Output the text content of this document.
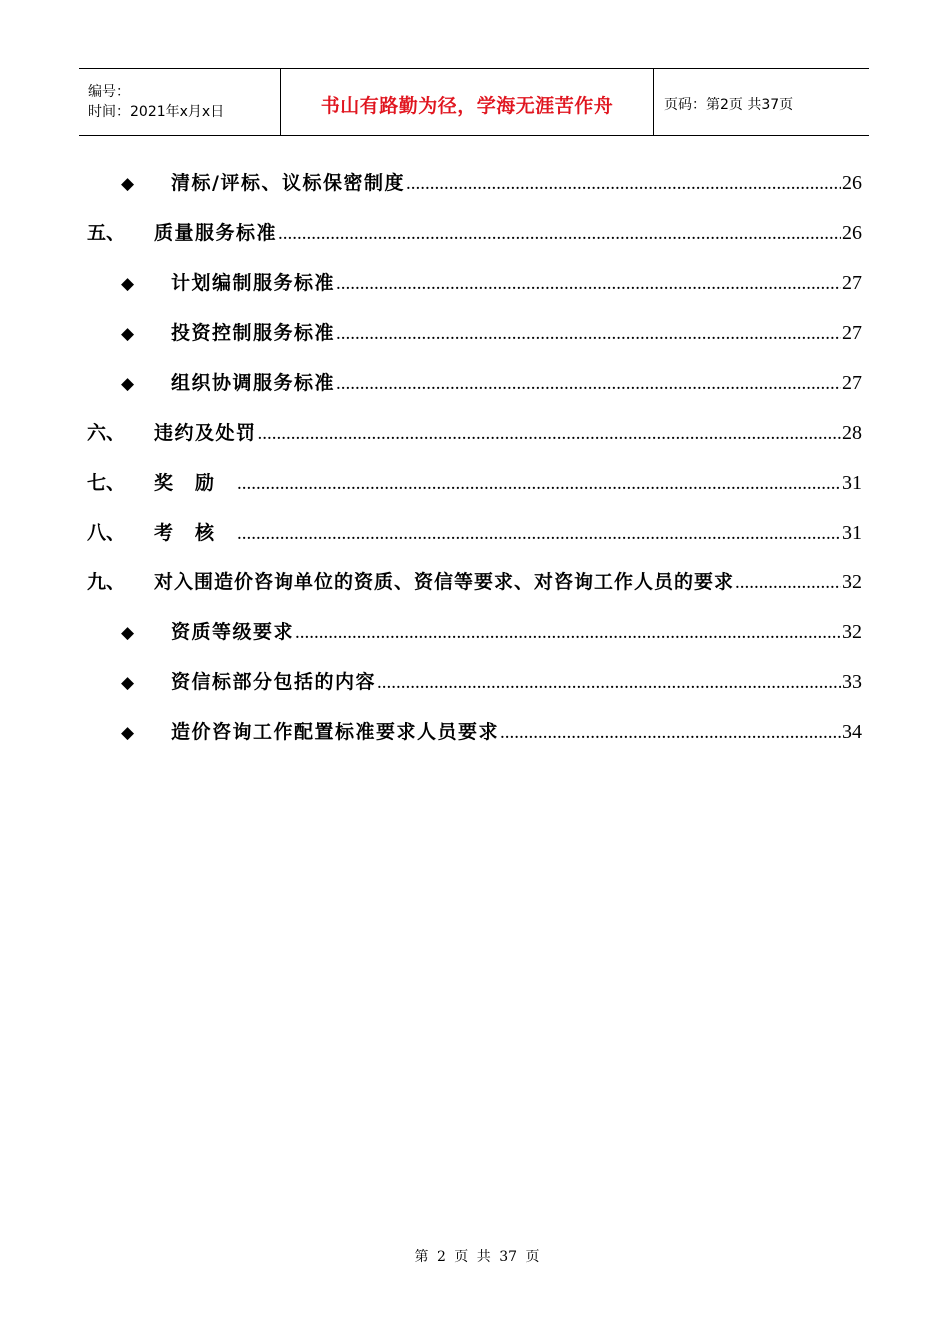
编号：
时间：2021年x月x日	书山有路勤为径，学海无涯苦作舟	页码：第2页 共37页
◆	清标/评标、议标保密制度 .....	26
五、	质量服务标准 .....	26
◆	计划编制服务标准 .....	27
◆	投资控制服务标准 .....	27
◆	组织协调服务标准 .....	27
六、	违约及处罚 .....	28
七、	奖励 .....	31
八、	考核 .....	31
九、	对入围造价咨询单位的资质、资信等要求、对咨询工作人员的要求 .....	32
◆	资质等级要求 .....	32
◆	资信标部分包括的内容 .....	33
◆	造价咨询工作配置标准要求人员要求 .....	34
第 2 页 共 37 页
